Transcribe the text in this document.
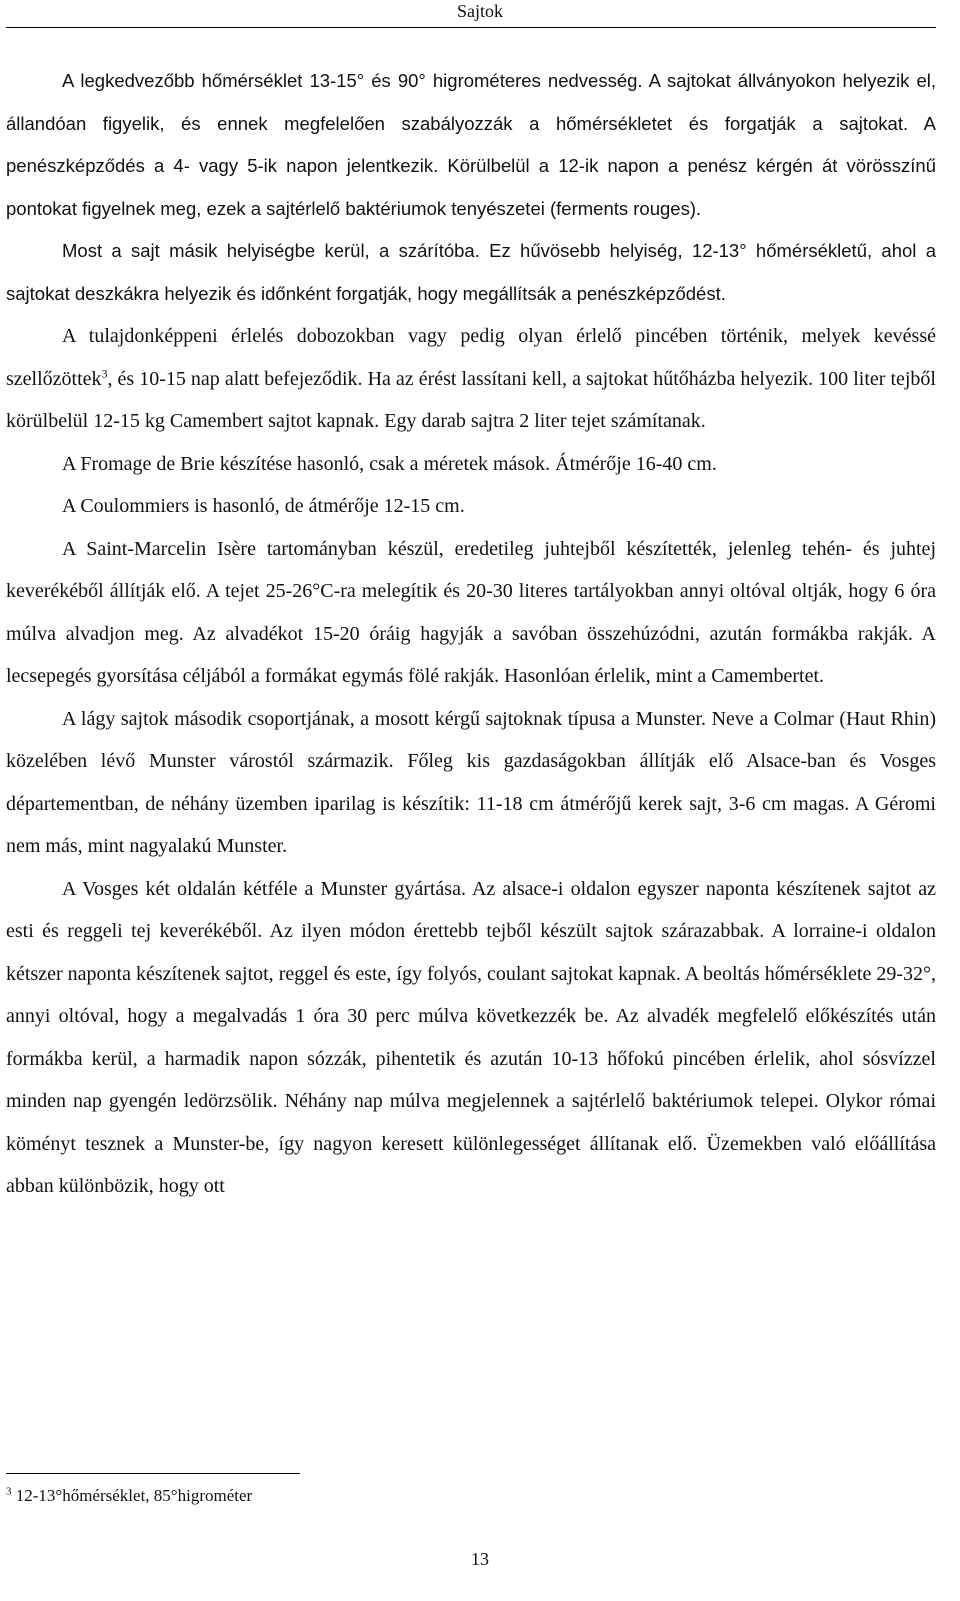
Sajtok

A legkedvezőbb hőmérséklet 13-15° és 90° higrométeres nedvesség. A sajtokat állványokon helyezik el, állandóan figyelik, és ennek megfelelően szabályozzák a hőmérsékletet és forgatják a sajtokat. A penészképződés a 4- vagy 5-ik napon jelentkezik. Körülbelül a 12-ik napon a penész kérgén át vörösszínű pontokat figyelnek meg, ezek a sajtérlelő baktériumok tenyészetei (ferments rouges).

Most a sajt másik helyiségbe kerül, a szárítóba. Ez hűvösebb helyiség, 12-13° hőmérsékletű, ahol a sajtokat deszkákra helyezik és időnként forgatják, hogy megállítsák a penészképződést.

A tulajdonképpeni érlelés dobozokban vagy pedig olyan érlelő pincében történik, melyek kevéssé szellőzöttek$^3$, és 10-15 nap alatt befejeződik. Ha az érést lassítani kell, a sajtokat hűtőházba helyezik. 100 liter tejből körülbelül 12-15 kg Camembert sajtot kapnak. Egy darab sajtra 2 liter tejet számítanak.

A Fromage de Brie készítése hasonló, csak a méretek mások. Átmérője 16-40 cm.

A Coulommiers is hasonló, de átmérője 12-15 cm.

A Saint-Marcelin Isère tartományban készül, eredetileg juhtejből készítették, jelenleg tehén- és juhtej keverékéből állítják elő. A tejet 25-26°C-ra melegítik és 20-30 literes tartályokban annyi oltóval oltják, hogy 6 óra múlva alvadjon meg. Az alvadékot 15-20 óráig hagyják a savóban összehúzódni, azután formákba rakják. A lecsepegés gyorsítása céljából a formákat egymás fölé rakják. Hasonlóan érlelik, mint a Camembertet.

A lágy sajtok második csoportjának, a mosott kérgű sajtoknak típusa a Munster. Neve a Colmar (Haut Rhin) közelében lévő Munster várostól származik. Főleg kis gazdaságokban állítják elő Alsace-ban és Vosges départementban, de néhány üzemben iparilag is készítik: 11-18 cm átmérőjű kerek sajt, 3-6 cm magas. A Géromi nem más, mint nagyalakú Munster.

A Vosges két oldalán kétféle a Munster gyártása. Az alsace-i oldalon egyszer naponta készítenek sajtot az esti és reggeli tej keverékéből. Az ilyen módon érettebb tejből készült sajtok szárazabbak. A lorraine-i oldalon kétszer naponta készítenek sajtot, reggel és este, így folyós, coulant sajtokat kapnak. A beoltás hőmérséklete 29-32°, annyi oltóval, hogy a megalvadás 1 óra 30 perc múlva következzék be. Az alvadék megfelelő előkészítés után formákba kerül, a harmadik napon sózzák, pihentetik és azután 10-13 hőfokú pincében érlelik, ahol sósvízzel minden nap gyengén ledörzsölik. Néhány nap múlva megjelennek a sajtérlelő baktériumok telepei. Olykor római köményt tesznek a Munster-be, így nagyon keresett különlegességet állítanak elő. Üzemekben való előállítása abban különbözik, hogy ott

$^3$ 12-13°hőmérséklet, 85°higrométer
13
